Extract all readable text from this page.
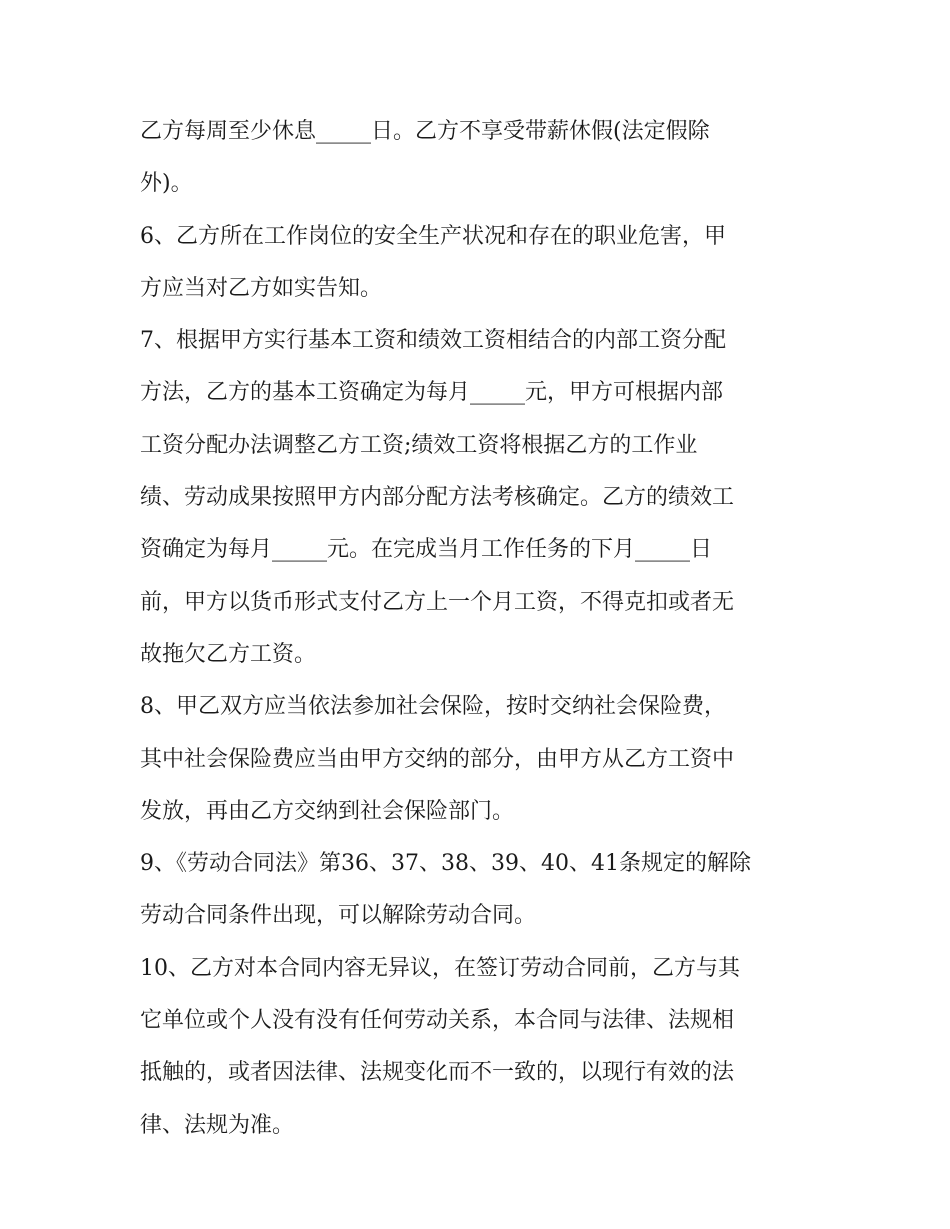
乙方每周至少休息_____日。乙方不享受带薪休假(法定假除
外)。
6、乙方所在工作岗位的安全生产状况和存在的职业危害，甲
方应当对乙方如实告知。
7、根据甲方实行基本工资和绩效工资相结合的内部工资分配
方法，乙方的基本工资确定为每月_____元，甲方可根据内部
工资分配办法调整乙方工资;绩效工资将根据乙方的工作业
绩、劳动成果按照甲方内部分配方法考核确定。乙方的绩效工
资确定为每月_____元。在完成当月工作任务的下月_____日
前，甲方以货币形式支付乙方上一个月工资，不得克扣或者无
故拖欠乙方工资。
8、甲乙双方应当依法参加社会保险，按时交纳社会保险费，
其中社会保险费应当由甲方交纳的部分，由甲方从乙方工资中
发放，再由乙方交纳到社会保险部门。
9、《劳动合同法》第36、37、38、39、40、41条规定的解除
劳动合同条件出现，可以解除劳动合同。
10、乙方对本合同内容无异议，在签订劳动合同前，乙方与其
它单位或个人没有没有任何劳动关系，本合同与法律、法规相
抵触的，或者因法律、法规变化而不一致的，以现行有效的法
律、法规为准。
